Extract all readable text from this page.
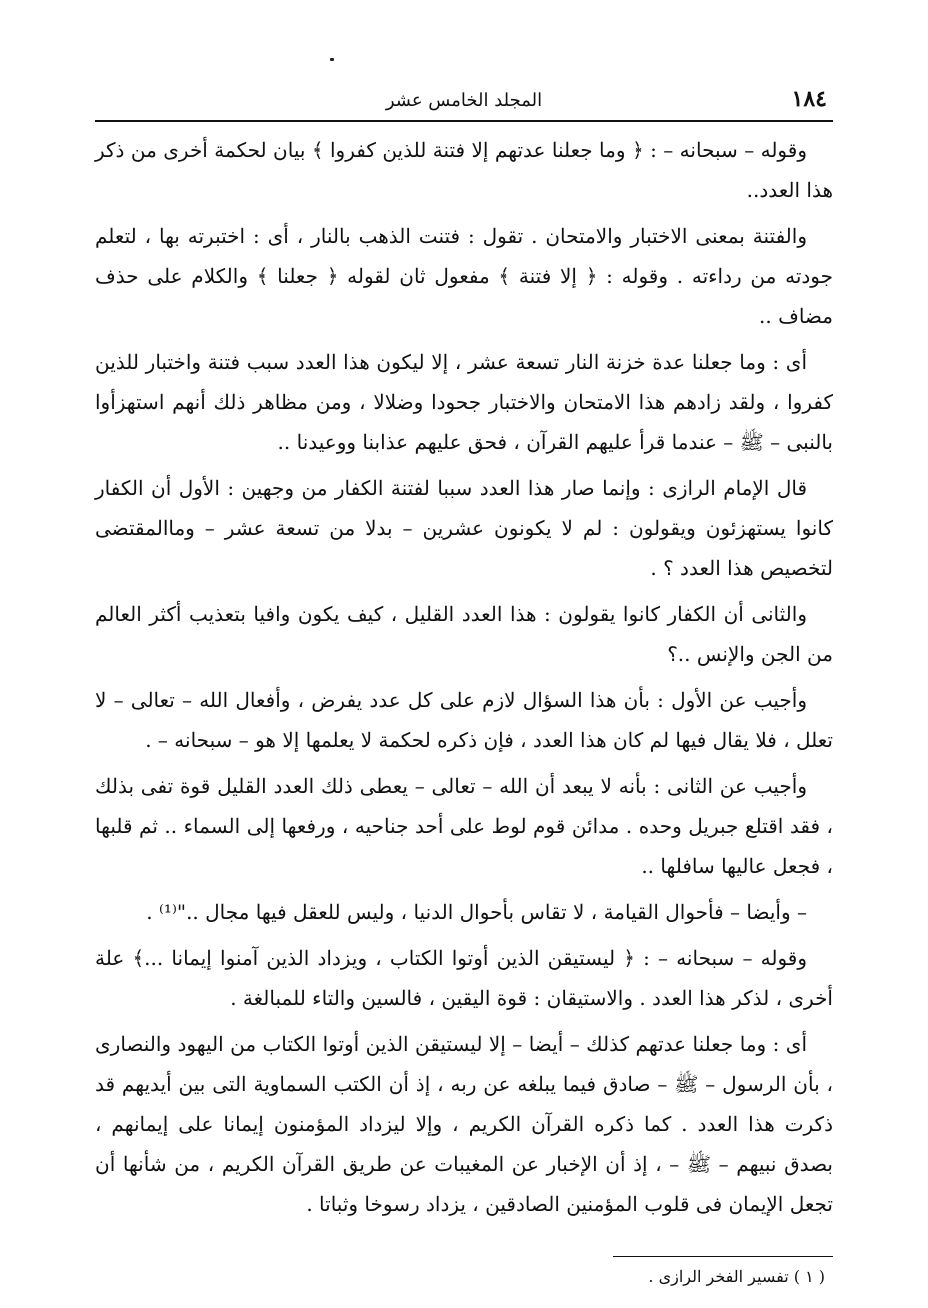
١٨٤
المجلد الخامس عشر

وقوله – سبحانه – : ﴿ وما جعلنا عدتهم إلا فتنة للذين كفروا ﴾ بيان لحكمة أخرى من ذكر هذا العدد..

والفتنة بمعنى الاختبار والامتحان . تقول : فتنت الذهب بالنار ، أى : اختبرته بها ، لتعلم جودته من رداءته . وقوله : ﴿ إلا فتنة ﴾ مفعول ثان لقوله ﴿ جعلنا ﴾ والكلام على حذف مضاف ..

أى : وما جعلنا عدة خزنة النار تسعة عشر ، إلا ليكون هذا العدد سبب فتنة واختبار للذين كفروا ، ولقد زادهم هذا الامتحان والاختبار جحودا وضلالا ، ومن مظاهر ذلك أنهم استهزأوا بالنبى – ﷺ – عندما قرأ عليهم القرآن ، فحق عليهم عذابنا ووعيدنا ..

قال الإمام الرازى : وإنما صار هذا العدد سببا لفتنة الكفار من وجهين : الأول أن الكفار كانوا يستهزئون ويقولون : لم لا يكونون عشرين – بدلا من تسعة عشر – وماالمقتضى لتخصيص هذا العدد ؟ .

والثانى أن الكفار كانوا يقولون : هذا العدد القليل ، كيف يكون وافيا بتعذيب أكثر العالم من الجن والإنس ..؟

وأجيب عن الأول : بأن هذا السؤال لازم على كل عدد يفرض ، وأفعال الله – تعالى – لا تعلل ، فلا يقال فيها لم كان هذا العدد ، فإن ذكره لحكمة لا يعلمها إلا هو – سبحانه – .

وأجيب عن الثانى : بأنه لا يبعد أن الله – تعالى – يعطى ذلك العدد القليل قوة تفى بذلك ، فقد اقتلع جبريل وحده . مدائن قوم لوط على أحد جناحيه ، ورفعها إلى السماء .. ثم قلبها ، فجعل عاليها سافلها ..

– وأيضا – فأحوال القيامة ، لا تقاس بأحوال الدنيا ، وليس للعقل فيها مجال .."⁽¹⁾ .

وقوله – سبحانه – : ﴿ ليستيقن الذين أوتوا الكتاب ، ويزداد الذين آمنوا إيمانا ...﴾ علة أخرى ، لذكر هذا العدد . والاستيقان : قوة اليقين ، فالسين والتاء للمبالغة .

أى : وما جعلنا عدتهم كذلك – أيضا – إلا ليستيقن الذين أوتوا الكتاب من اليهود والنصارى ، بأن الرسول – ﷺ – صادق فيما يبلغه عن ربه ، إذ أن الكتب السماوية التى بين أيديهم قد ذكرت هذا العدد . كما ذكره القرآن الكريم ، وإلا ليزداد المؤمنون إيمانا على إيمانهم ، بصدق نبيهم – ﷺ – ، إذ أن الإخبار عن المغيبات عن طريق القرآن الكريم ، من شأنها أن تجعل الإيمان فى قلوب المؤمنين الصادقين ، يزداد رسوخا وثباتا .

( ١ ) تفسير الفخر الرازى .
